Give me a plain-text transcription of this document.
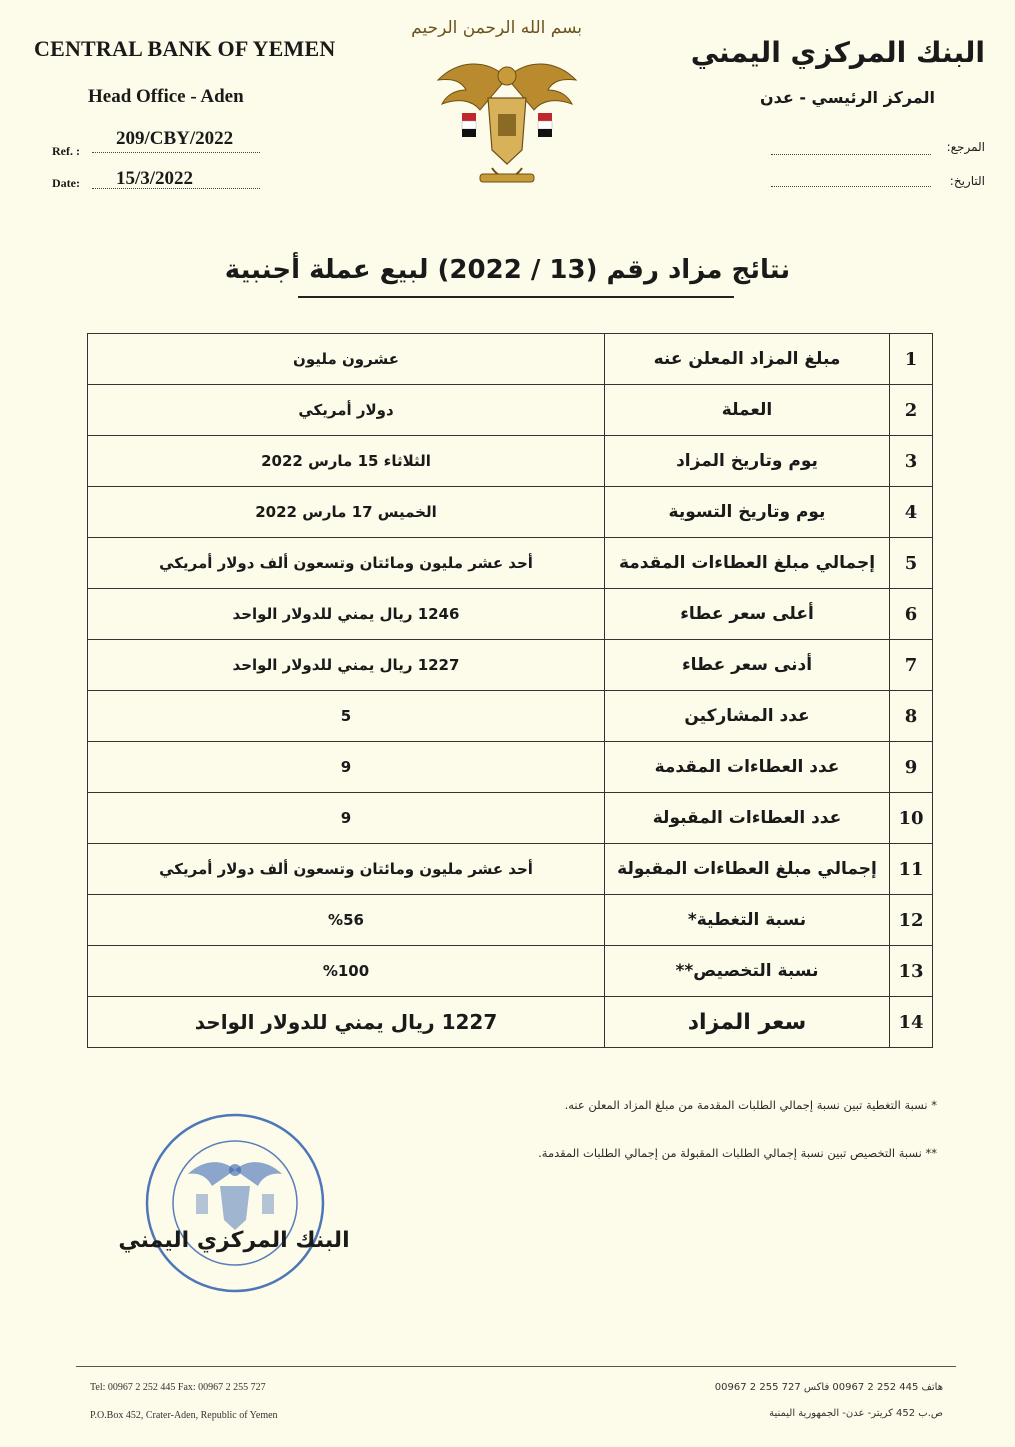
CENTRAL BANK OF YEMEN
Head Office - Aden
Ref. :
209/CBY/2022
Date: 15/3/2022
بسم الله الرحمن الرحيم
البنك المركزي اليمني
المركز الرئيسي - عدن
المرجع:
التاريخ:
نتائج مزاد رقم (13 / 2022) لبيع عملة أجنبية
1	مبلغ المزاد المعلن عنه	عشرون مليون
2	العملة	دولار أمريكي
3	يوم وتاريخ المزاد	الثلاثاء 15 مارس 2022
4	يوم وتاريخ التسوية	الخميس 17 مارس 2022
5	إجمالي مبلغ العطاءات المقدمة	أحد عشر مليون ومائتان وتسعون ألف دولار أمريكي
6	أعلى سعر عطاء	1246 ريال يمني للدولار الواحد
7	أدنى سعر عطاء	1227 ريال يمني للدولار الواحد
8	عدد المشاركين	5
9	عدد العطاءات المقدمة	9
10	عدد العطاءات المقبولة	9
11	إجمالي مبلغ العطاءات المقبولة	أحد عشر مليون ومائتان وتسعون ألف دولار أمريكي
12	نسبة التغطية*	%56
13	نسبة التخصيص**	%100
14	سعر المزاد	1227 ريال يمني للدولار الواحد
* نسبة التغطية تبين نسبة إجمالي الطلبات المقدمة من مبلغ المزاد المعلن عنه.
** نسبة التخصيص تبين نسبة إجمالي الطلبات المقبولة من إجمالي الطلبات المقدمة.
البنك المركزي اليمني
Tel: 00967 2 252 445 Fax: 00967 2 255 727
P.O.Box 452, Crater-Aden, Republic of Yemen
هاتف 445 252 2 00967 فاكس 727 255 2 00967
ص.ب 452 كريتر- عدن- الجمهورية اليمنية
